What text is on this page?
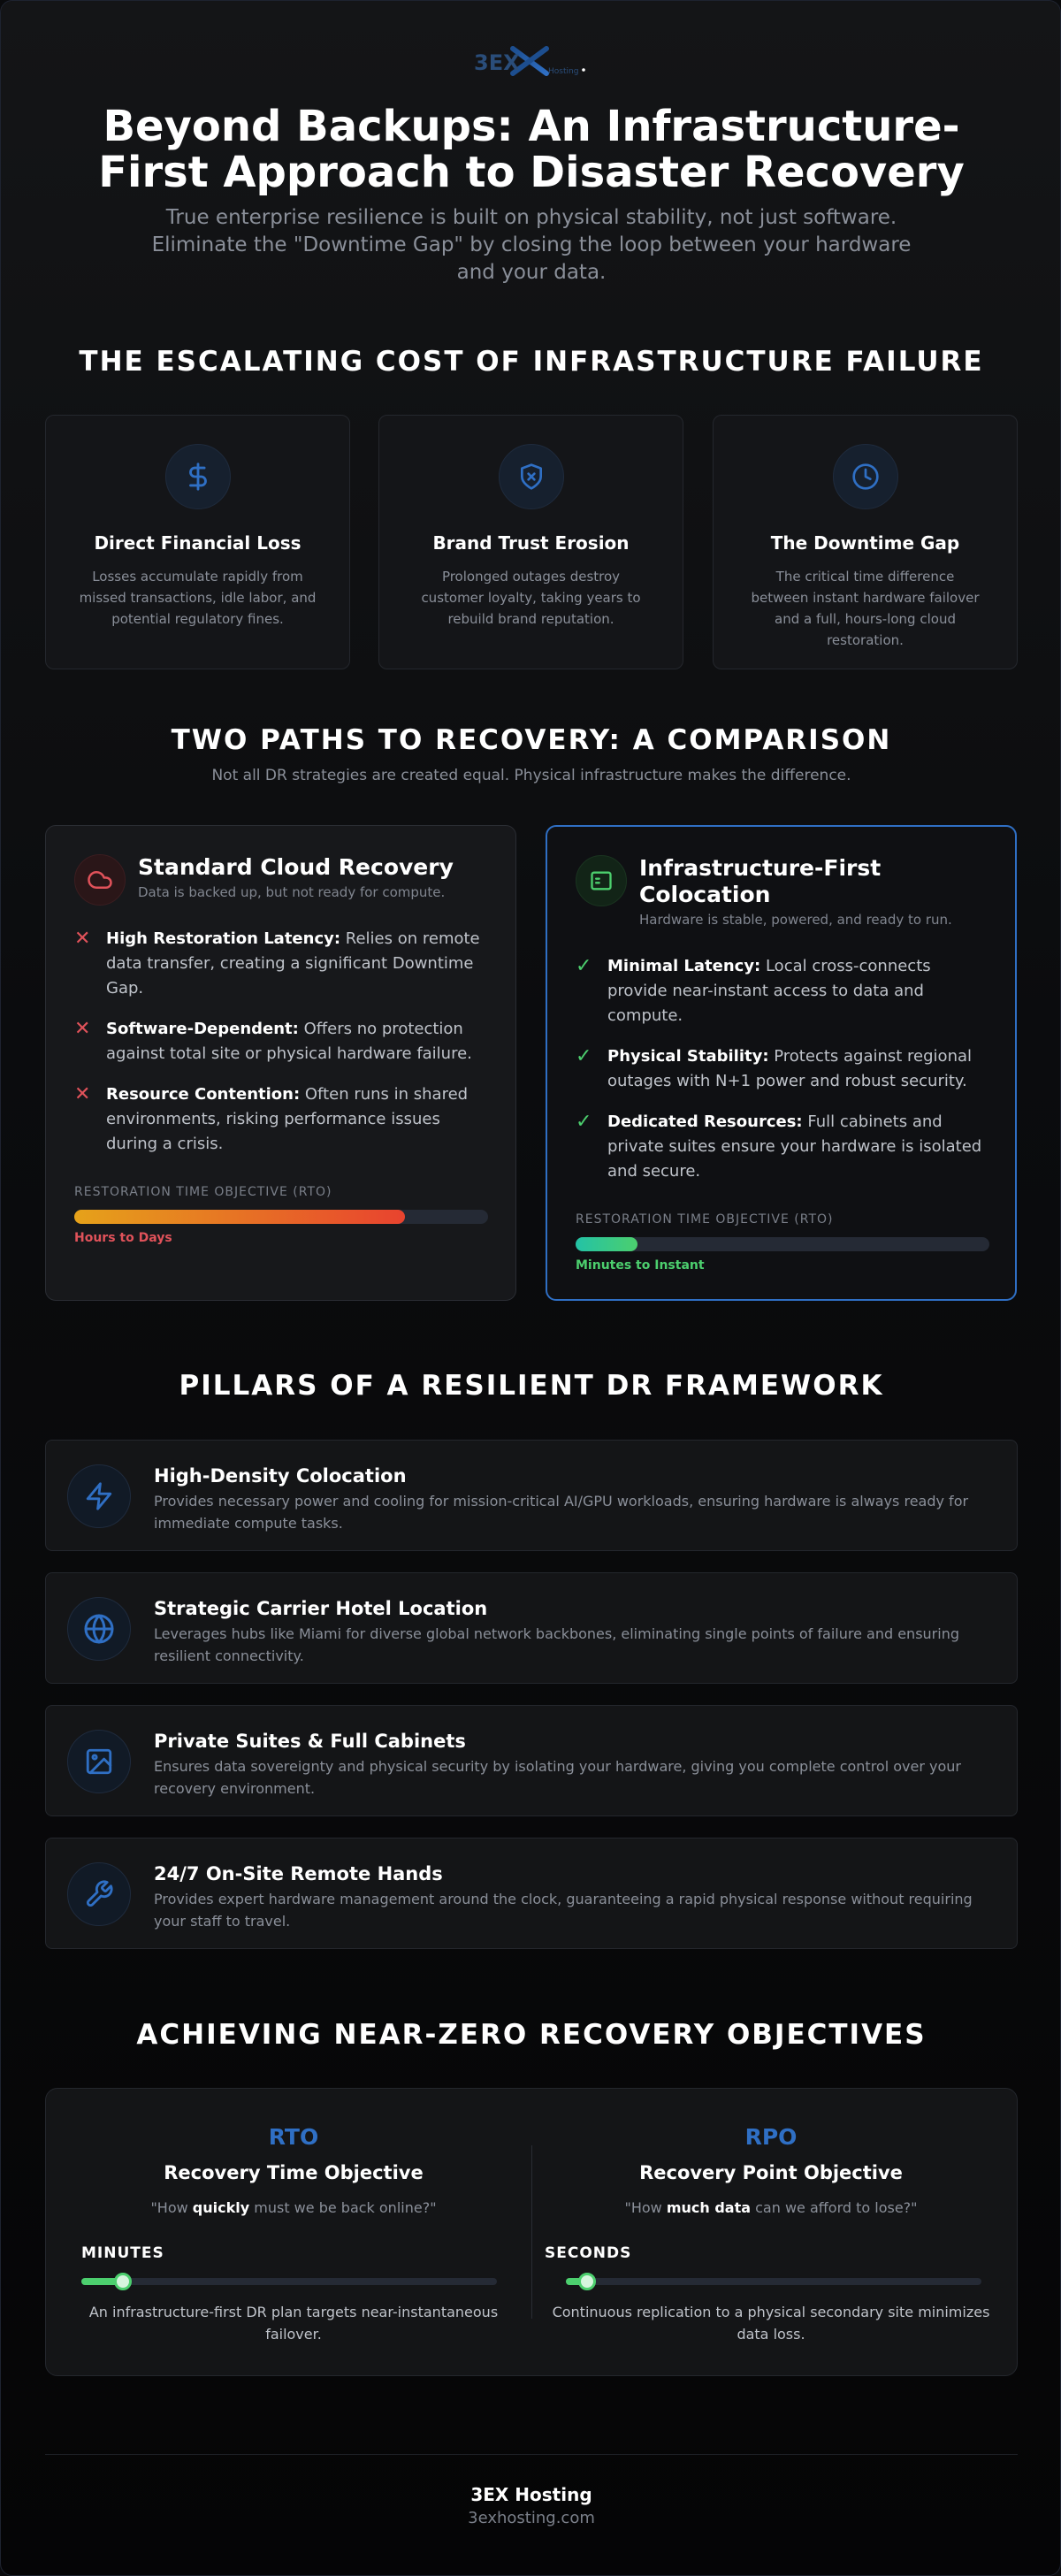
3EX	Hosting
Beyond Backups: An Infrastructure-First Approach to Disaster Recovery

True enterprise resilience is built on physical stability, not just software. Eliminate the "Downtime Gap" by closing the loop between your hardware and your data.

THE ESCALATING COST OF INFRASTRUCTURE FAILURE
Direct Financial Loss

Losses accumulate rapidly from missed transactions, idle labor, and potential regulatory fines.

Brand Trust Erosion

Prolonged outages destroy customer loyalty, taking years to rebuild brand reputation.

The Downtime Gap

The critical time difference between instant hardware failover and a full, hours-long cloud restoration.

TWO PATHS TO RECOVERY: A COMPARISON

Not all DR strategies are created equal. Physical infrastructure makes the difference.

Standard Cloud Recovery
Data is backed up, but not ready for compute.
✕ High Restoration Latency: Relies on remote data transfer, creating a significant Downtime Gap.
✕ Software-Dependent: Offers no protection against total site or physical hardware failure.
✕ Resource Contention: Often runs in shared environments, risking performance issues during a crisis.
RESTORATION TIME OBJECTIVE (RTO)
Hours to Days
Infrastructure-First Colocation
Hardware is stable, powered, and ready to run.
✓ Minimal Latency: Local cross-connects provide near-instant access to data and compute.
✓ Physical Stability: Protects against regional outages with N+1 power and robust security.
✓ Dedicated Resources: Full cabinets and private suites ensure your hardware is isolated and secure.
RESTORATION TIME OBJECTIVE (RTO)
Minutes to Instant
PILLARS OF A RESILIENT DR FRAMEWORK
High-Density Colocation

Provides necessary power and cooling for mission-critical AI/GPU workloads, ensuring hardware is always ready for immediate compute tasks.

Strategic Carrier Hotel Location

Leverages hubs like Miami for diverse global network backbones, eliminating single points of failure and ensuring resilient connectivity.

Private Suites & Full Cabinets

Ensures data sovereignty and physical security by isolating your hardware, giving you complete control over your recovery environment.

24/7 On-Site Remote Hands

Provides expert hardware management around the clock, guaranteeing a rapid physical response without requiring your staff to travel.

ACHIEVING NEAR-ZERO RECOVERY OBJECTIVES
RTO
Recovery Time Objective
"How quickly must we be back online?"
MINUTES
An infrastructure-first DR plan targets near-instantaneous failover.
RPO
Recovery Point Objective
"How much data can we afford to lose?"
SECONDS
Continuous replication to a physical secondary site minimizes data loss.
3EX Hosting
3exhosting.com
